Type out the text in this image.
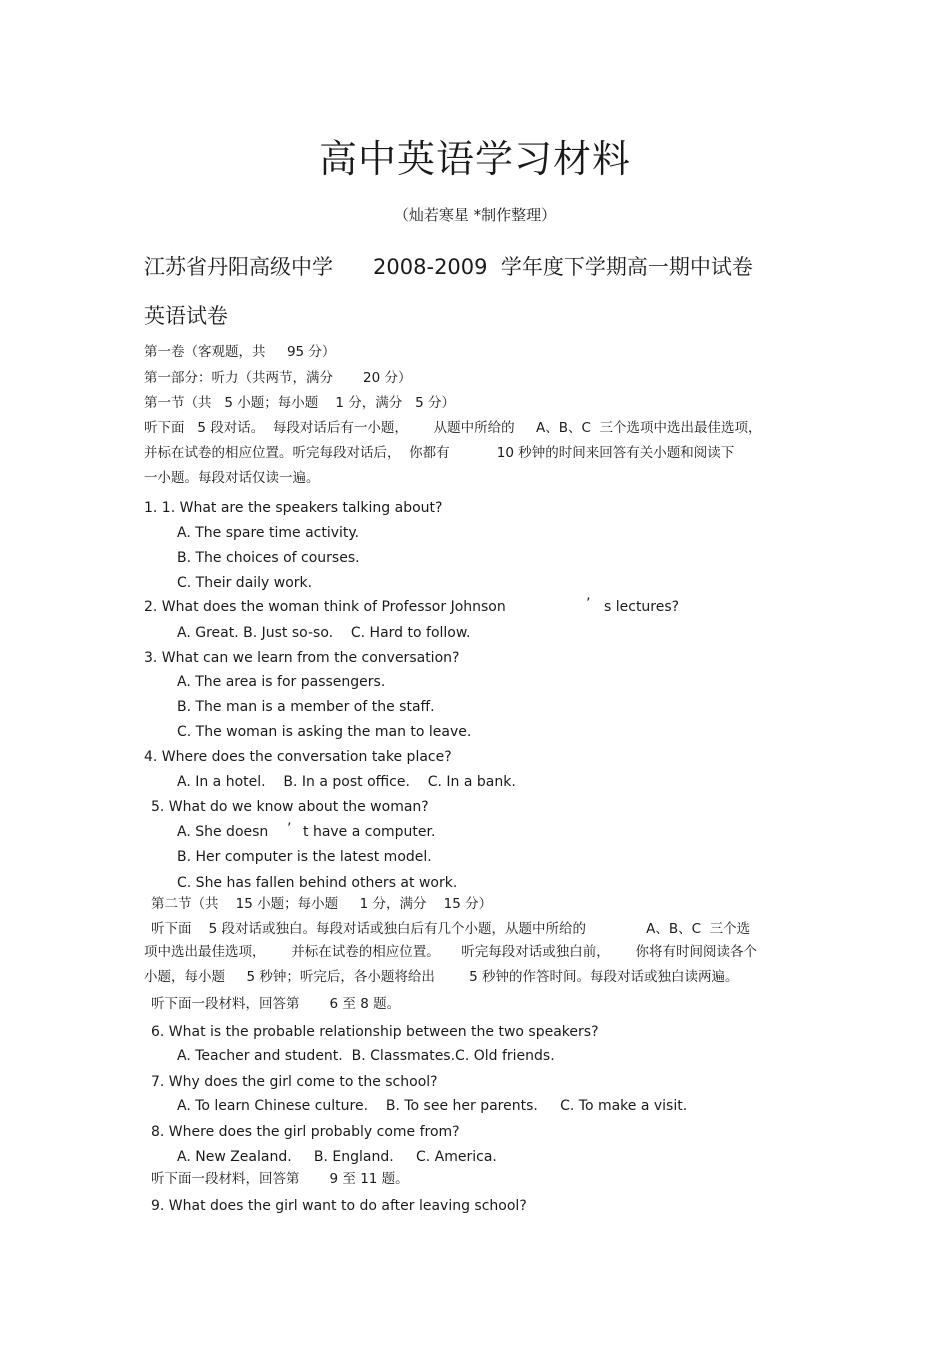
高中英语学习材料
（灿若寒星 *制作整理）
江苏省丹阳高级中学      2008-2009  学年度下学期高一期中试卷
英语试卷
第一卷（客观题，共     95 分）
第一部分：听力（共两节，满分       20 分）
第一节（共   5 小题；每小题    1 分，满分   5 分）
听下面   5 段对话。  每段对话后有一小题，      从题中所给的     A、B、C  三个选项中选出最佳选项，
并标在试卷的相应位置。听完每段对话后，  你都有           10 秒钟的时间来回答有关小题和阅读下
一小题。每段对话仅读一遍。
1. 1. What are the speakers talking about?
A. The spare time activity.
B. The choices of courses.
C. Their daily work.
2. What does the woman think of Professor Johnson	’ s lectures?
A. Great. B. Just so-so.    C. Hard to follow.
3. What can we learn from the conversation?
A. The area is for passengers.
B. The man is a member of the staff.
C. The woman is asking the man to leave.
4. Where does the conversation take place?
A. In a hotel.    B. In a post office.    C. In a bank.
5. What do we know about the woman?
A. She doesn ’ t have a computer.
B. Her computer is the latest model.
C. She has fallen behind others at work.
第二节（共    15 小题；每小题     1 分，满分    15 分）
听下面    5 段对话或独白。每段对话或独白后有几个小题，从题中所给的              A、B、C  三个选
项中选出最佳选项，      并标在试卷的相应位置。     听完每段对话或独白前，      你将有时间阅读各个
小题，每小题     5 秒钟；听完后，各小题将给出        5 秒钟的作答时间。每段对话或独白读两遍。
听下面一段材料，回答第       6 至 8 题。
6. What is the probable relationship between the two speakers?
A. Teacher and student.  B. Classmates.C. Old friends.
7. Why does the girl come to the school?
A. To learn Chinese culture.    B. To see her parents.     C. To make a visit.
8. Where does the girl probably come from?
A. New Zealand.     B. England.     C. America.
听下面一段材料，回答第       9 至 11 题。
9. What does the girl want to do after leaving school?
